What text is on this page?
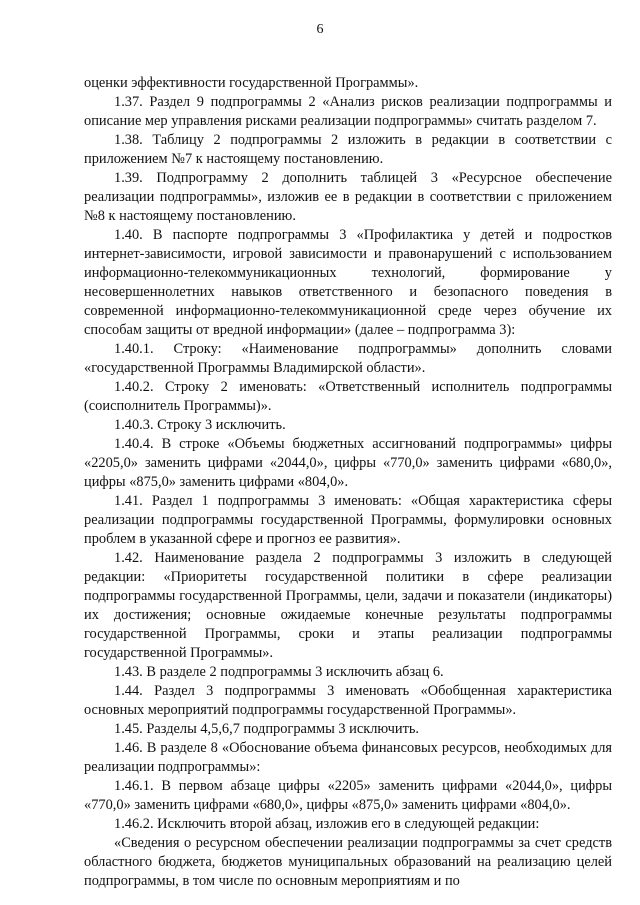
6

оценки эффективности государственной Программы».

1.37. Раздел 9 подпрограммы 2 «Анализ рисков реализации подпрограммы и описание мер управления рисками реализации подпрограммы» считать разделом 7.

1.38. Таблицу 2 подпрограммы 2 изложить в редакции в соответствии с приложением №7 к настоящему постановлению.

1.39. Подпрограмму 2 дополнить таблицей 3 «Ресурсное обеспечение реализации подпрограммы», изложив ее в редакции в соответствии с приложением №8 к настоящему постановлению.

1.40. В паспорте подпрограммы 3 «Профилактика у детей и подростков интернет-зависимости, игровой зависимости и правонарушений с использованием информационно-телекоммуникационных технологий, формирование у несовершеннолетних навыков ответственного и безопасного поведения в современной информационно-телекоммуникационной среде через обучение их способам защиты от вредной информации» (далее – подпрограмма 3):

1.40.1. Строку: «Наименование подпрограммы» дополнить словами «государственной Программы Владимирской области».

1.40.2. Строку 2 именовать: «Ответственный исполнитель подпрограммы (соисполнитель Программы)».

1.40.3. Строку 3 исключить.

1.40.4. В строке «Объемы бюджетных ассигнований подпрограммы» цифры «2205,0» заменить цифрами «2044,0», цифры «770,0» заменить цифрами «680,0», цифры «875,0» заменить цифрами «804,0».

1.41. Раздел 1 подпрограммы 3 именовать: «Общая характеристика сферы реализации подпрограммы государственной Программы, формулировки основных проблем в указанной сфере и прогноз ее развития».

1.42. Наименование раздела 2 подпрограммы 3 изложить в следующей редакции: «Приоритеты государственной политики в сфере реализации подпрограммы государственной Программы, цели, задачи и показатели (индикаторы) их достижения; основные ожидаемые конечные результаты подпрограммы государственной Программы, сроки и этапы реализации подпрограммы государственной Программы».

1.43. В разделе 2 подпрограммы 3 исключить абзац 6.

1.44. Раздел 3 подпрограммы 3 именовать «Обобщенная характеристика основных мероприятий подпрограммы государственной Программы».

1.45. Разделы 4,5,6,7 подпрограммы 3 исключить.

1.46. В разделе 8 «Обоснование объема финансовых ресурсов, необходимых для реализации подпрограммы»:

1.46.1. В первом абзаце цифры «2205» заменить цифрами «2044,0», цифры «770,0» заменить цифрами «680,0», цифры «875,0» заменить цифрами «804,0».

1.46.2. Исключить второй абзац, изложив его в следующей редакции:

«Сведения о ресурсном обеспечении реализации подпрограммы за счет средств областного бюджета, бюджетов муниципальных образований на реализацию целей подпрограммы, в том числе по основным мероприятиям и по
